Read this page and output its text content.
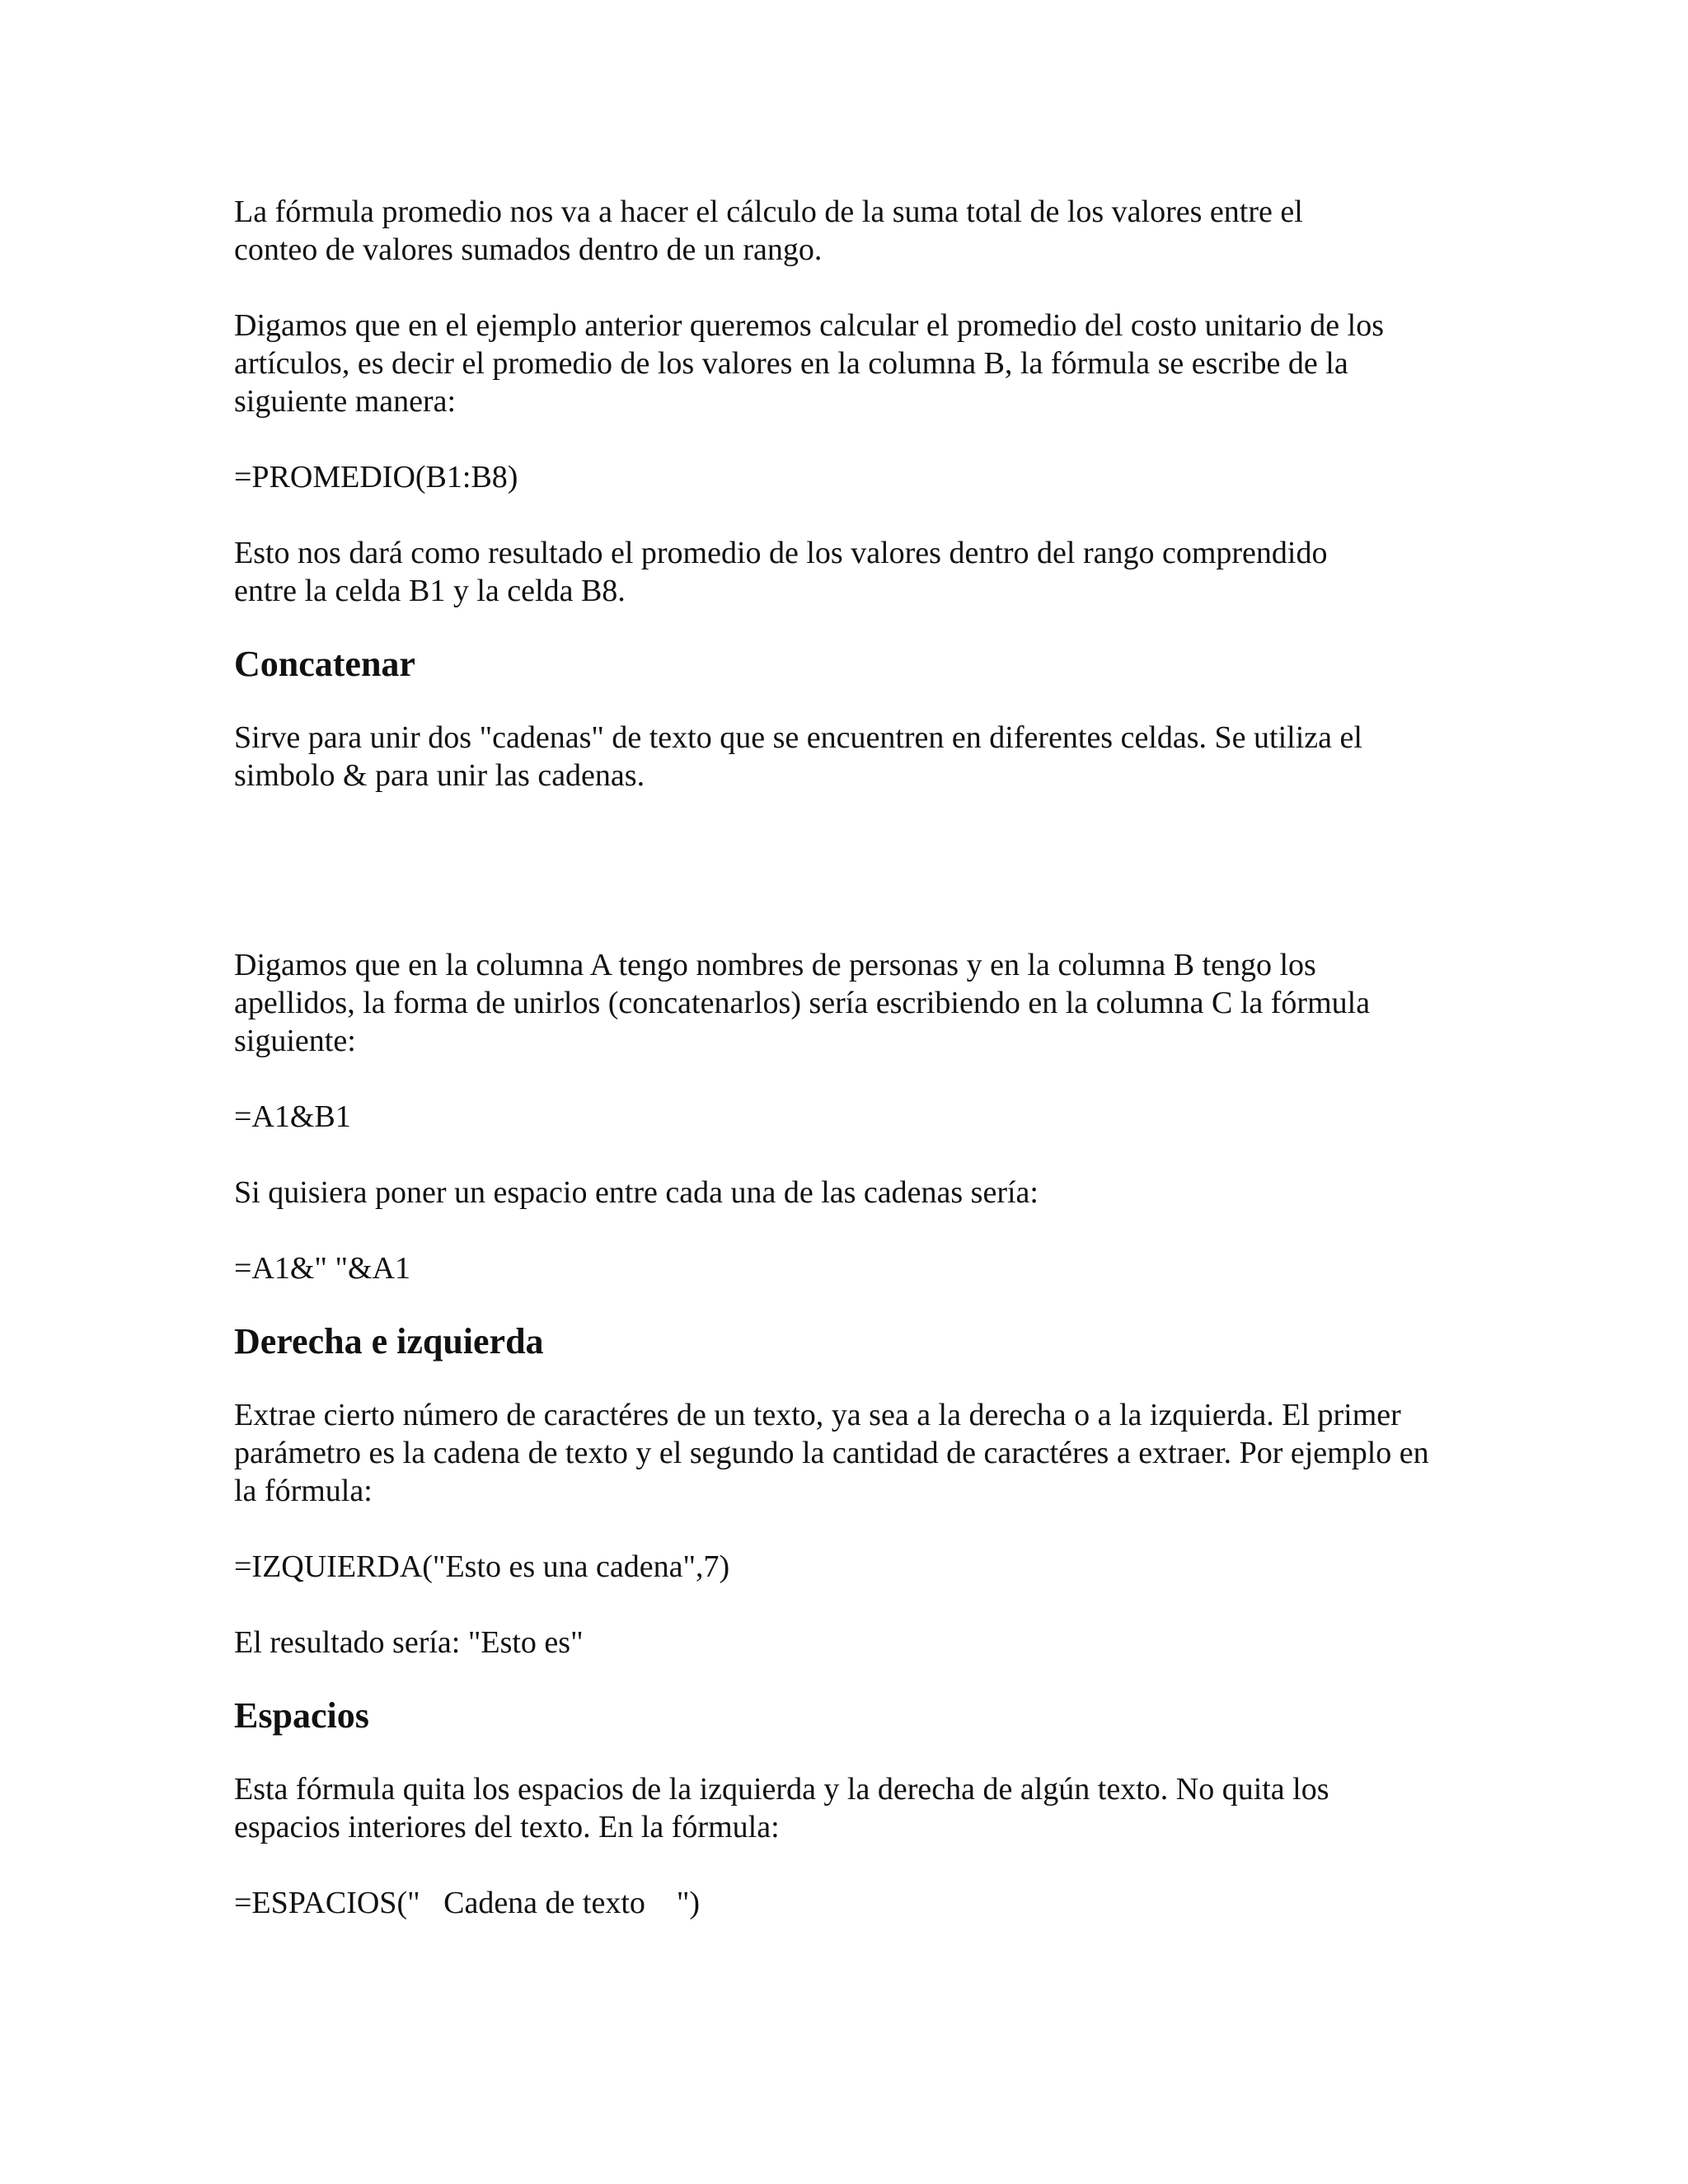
La fórmula promedio nos va a hacer el cálculo de la suma total de los valores entre el conteo de valores sumados dentro de un rango.

Digamos que en el ejemplo anterior queremos calcular el promedio del costo unitario de los artículos, es decir el promedio de los valores en la columna B, la fórmula se escribe de la siguiente manera:

=PROMEDIO(B1:B8)

Esto nos dará como resultado el promedio de los valores dentro del rango comprendido entre la celda B1 y la celda B8.

Concatenar

Sirve para unir dos "cadenas" de texto que se encuentren en diferentes celdas. Se utiliza el simbolo & para unir las cadenas.

Digamos que en la columna A tengo nombres de personas y en la columna B tengo los apellidos, la forma de unirlos (concatenarlos) sería escribiendo en la columna C la fórmula siguiente:

=A1&B1

Si quisiera poner un espacio entre cada una de las cadenas sería:

=A1&" "&A1

Derecha e izquierda

Extrae cierto número de caractéres de un texto, ya sea a la derecha o a la izquierda. El primer parámetro es la cadena de texto y el segundo la cantidad de caractéres a extraer. Por ejemplo en la fórmula:

=IZQUIERDA("Esto es una cadena",7)

El resultado sería: "Esto es"

Espacios

Esta fórmula quita los espacios de la izquierda y la derecha de algún texto. No quita los espacios interiores del texto. En la fórmula:

=ESPACIOS("   Cadena de texto    ")
